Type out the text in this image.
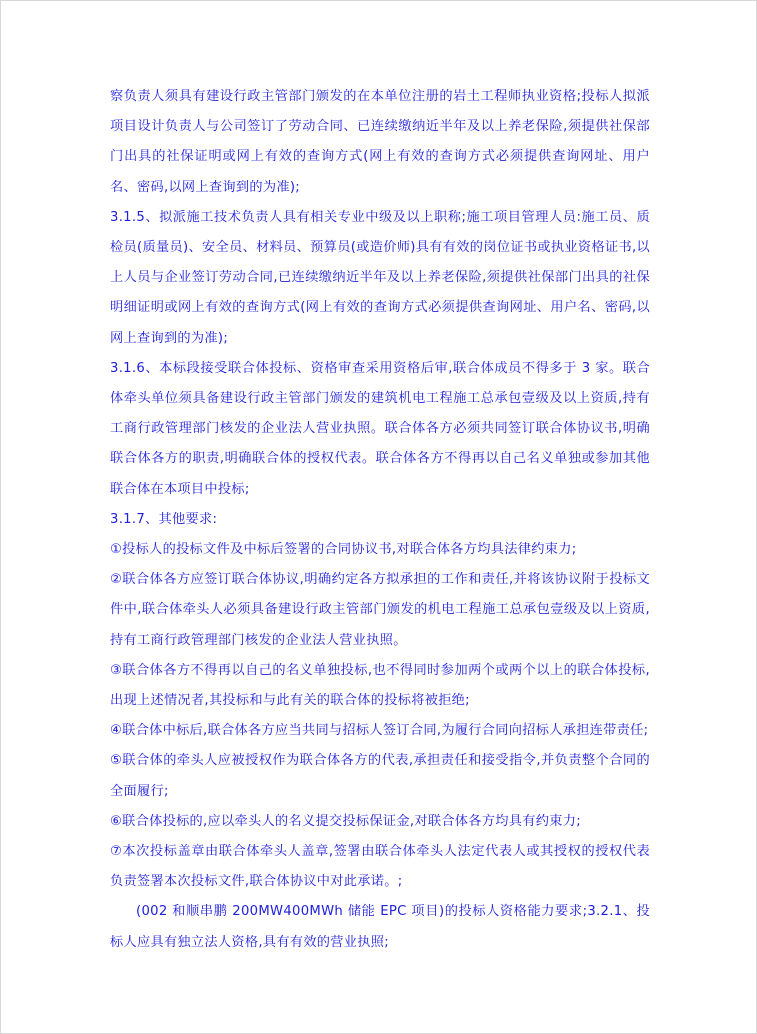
察负责人须具有建设行政主管部门颁发的在本单位注册的岩土工程师执业资格;投标人拟派项目设计负责人与公司签订了劳动合同、已连续缴纳近半年及以上养老保险,须提供社保部门出具的社保证明或网上有效的查询方式(网上有效的查询方式必须提供查询网址、用户名、密码,以网上查询到的为准);

3.1.5、拟派施工技术负责人具有相关专业中级及以上职称;施工项目管理人员:施工员、质检员(质量员)、安全员、材料员、预算员(或造价师)具有有效的岗位证书或执业资格证书,以上人员与企业签订劳动合同,已连续缴纳近半年及以上养老保险,须提供社保部门出具的社保明细证明或网上有效的查询方式(网上有效的查询方式必须提供查询网址、用户名、密码,以网上查询到的为准);

3.1.6、本标段接受联合体投标、资格审查采用资格后审,联合体成员不得多于 3 家。联合体牵头单位须具备建设行政主管部门颁发的建筑机电工程施工总承包壹级及以上资质,持有工商行政管理部门核发的企业法人营业执照。联合体各方必须共同签订联合体协议书,明确联合体各方的职责,明确联合体的授权代表。联合体各方不得再以自己名义单独或参加其他联合体在本项目中投标;

3.1.7、其他要求:

①投标人的投标文件及中标后签署的合同协议书,对联合体各方均具法律约束力;

②联合体各方应签订联合体协议,明确约定各方拟承担的工作和责任,并将该协议附于投标文件中,联合体牵头人必须具备建设行政主管部门颁发的机电工程施工总承包壹级及以上资质,持有工商行政管理部门核发的企业法人营业执照。

③联合体各方不得再以自己的名义单独投标,也不得同时参加两个或两个以上的联合体投标,出现上述情况者,其投标和与此有关的联合体的投标将被拒绝;

④联合体中标后,联合体各方应当共同与招标人签订合同,为履行合同向招标人承担连带责任;

⑤联合体的牵头人应被授权作为联合体各方的代表,承担责任和接受指令,并负责整个合同的全面履行;

⑥联合体投标的,应以牵头人的名义提交投标保证金,对联合体各方均具有约束力;

⑦本次投标盖章由联合体牵头人盖章,签署由联合体牵头人法定代表人或其授权的授权代表负责签署本次投标文件,联合体协议中对此承诺。;

(002 和顺串鹏 200MW400MWh 储能 EPC 项目)的投标人资格能力要求;3.2.1、投标人应具有独立法人资格,具有有效的营业执照;
